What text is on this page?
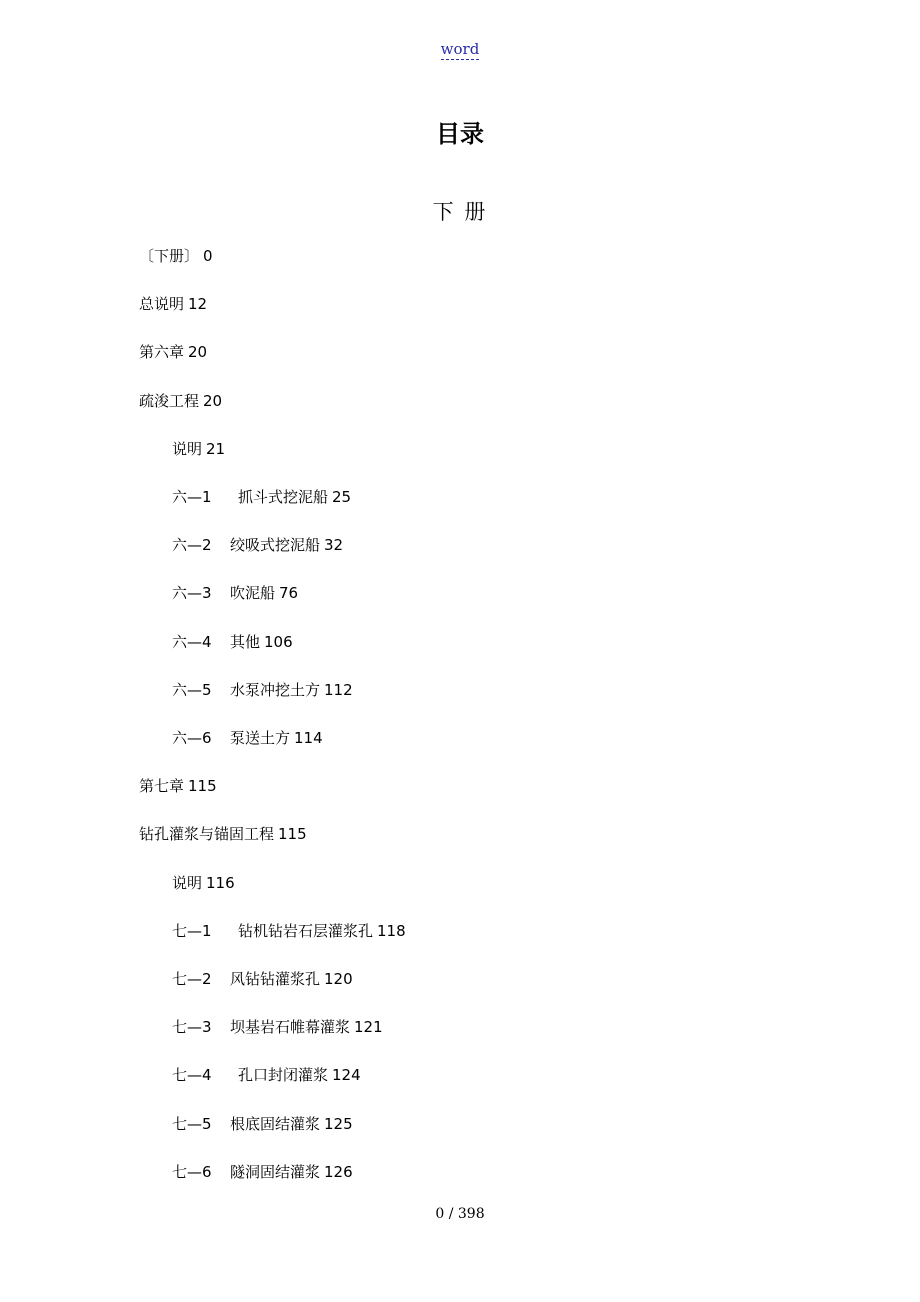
word
目录
下 册
〔下册〕 0
总说明 12
第六章 20
疏浚工程 20
说明 21
六—1 抓斗式挖泥船 25
六—2 绞吸式挖泥船 32
六—3 吹泥船 76
六—4 其他 106
六—5 水泵冲挖土方 112
六—6 泵送土方 114
第七章 115
钻孔灌浆与锚固工程 115
说明 116
七—1 钻机钻岩石层灌浆孔 118
七—2 风钻钻灌浆孔 120
七—3 坝基岩石帷幕灌浆 121
七—4 孔口封闭灌浆 124
七—5 根底固结灌浆 125
七—6 隧洞固结灌浆 126
0 / 398
